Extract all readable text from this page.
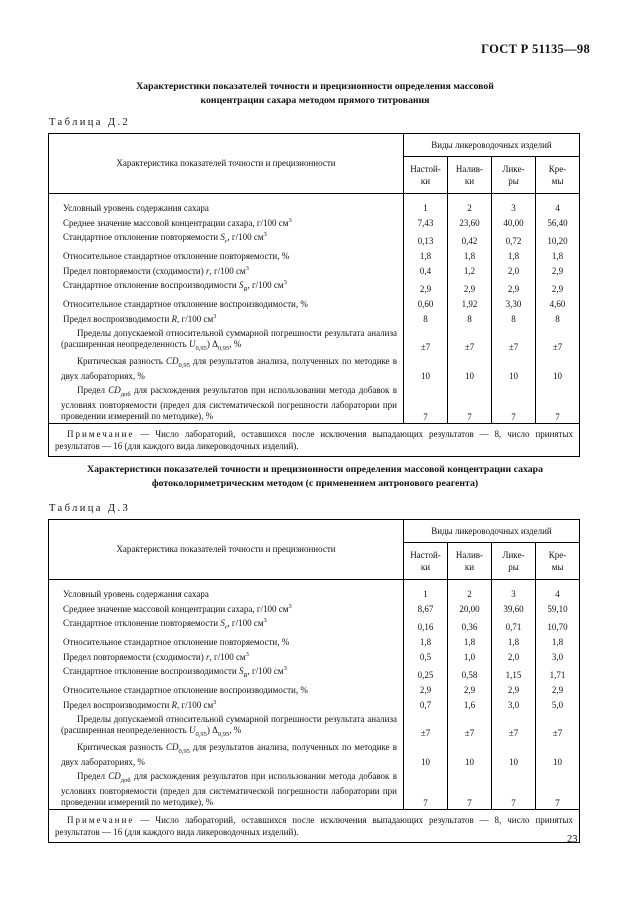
ГОСТ Р 51135—98
Характеристики показателей точности и прецизионности определения массовой
концентрации сахара методом прямого титрования
Таблица Д.2
Характеристика показателей точности и прецизионности	Виды ликероводочных изделий			
	Настой-
ки	Налив-
ки	Ликe-
ры	Кре-
мы
Условный уровень содержания сахара	1	2	3	4
Среднее значение массовой концентрации сахара, г/100 $см^3$	7,43	23,60	40,00	56,40
Стандартное отклонение повторяемости $S_r$, г/100 $см^3$	0,13	0,42	0,72	10,20
Относительное стандартное отклонение повторяемости, %	1,8	1,8	1,8	1,8
Предел повторяемости (сходимости) r, г/100 $см^3$	0,4	1,2	2,0	2,9
Стандартное отклонение воспроизводимости $S_R$, г/100 $см^3$	2,9	2,9	2,9	2,9
Относительное стандартное отклонение воспроизводимости, %	0,60	1,92	3,30	4,60
Предел воспроизводимости R, г/100 $см^3$	8	8	8	8
Пределы допускаемой относительной суммарной погрешности результата анализа (расширенная неопределенность $U_{0,95}$) $\Delta_{0,95}$, %	±7	±7	±7	±7
Критическая разность $CD_{0,95}$ для результатов анализа, полученных по методике в двух лабораториях, %	10	10	10	10
Предел $CD_{доб}$ для расхождения результатов при использовании метода добавок в условиях повторяемости (предел для систематической погрешности лаборатории при проведении измерений по методике), %	7	7	7	7
Примечание — Число лабораторий, оставшихся после исключения выпадающих результатов — 8, число принятых результатов — 16 (для каждого вида ликероводочных изделий).				
Характеристики показателей точности и прецизионности определения массовой концентрации сахара
фотоколориметрическим методом (с применением антронового реагента)
Таблица Д.3
Характеристика показателей точности и прецизионности	Виды ликероводочных изделий			
	Настой-
ки	Налив-
ки	Ликe-
ры	Кре-
мы
Условный уровень содержания сахара	1	2	3	4
Среднее значение массовой концентрации сахара, г/100 $см^3$	8,67	20,00	39,60	59,10
Стандартное отклонение повторяемости $S_r$, г/100 $см^3$	0,16	0,36	0,71	10,70
Относительное стандартное отклонение повторяемости, %	1,8	1,8	1,8	1,8
Предел повторяемости (сходимости) r, г/100 $см^3$	0,5	1,0	2,0	3,0
Стандартное отклонение воспроизводимости $S_R$, г/100 $см^3$	0,25	0,58	1,15	1,71
Относительное стандартное отклонение воспроизводимости, %	2,9	2,9	2,9	2,9
Предел воспроизводимости R, г/100 $см^3$	0,7	1,6	3,0	5,0
Пределы допускаемой относительной суммарной погрешности результата анализа (расширенная неопределенность $U_{0,95}$) $\Delta_{0,95}$, %	±7	±7	±7	±7
Критическая разность $CD_{0,95}$ для результатов анализа, полученных по методике в двух лабораториях, %	10	10	10	10
Предел $CD_{доб}$ для расхождения результатов при использовании метода добавок в условиях повторяемости (предел для систематической погрешности лаборатории при проведении измерений по методике), %	7	7	7	7
Примечание — Число лабораторий, оставшихся после исключения выпадающих результатов — 8, число принятых результатов — 16 (для каждого вида ликероводочных изделий).				
23
